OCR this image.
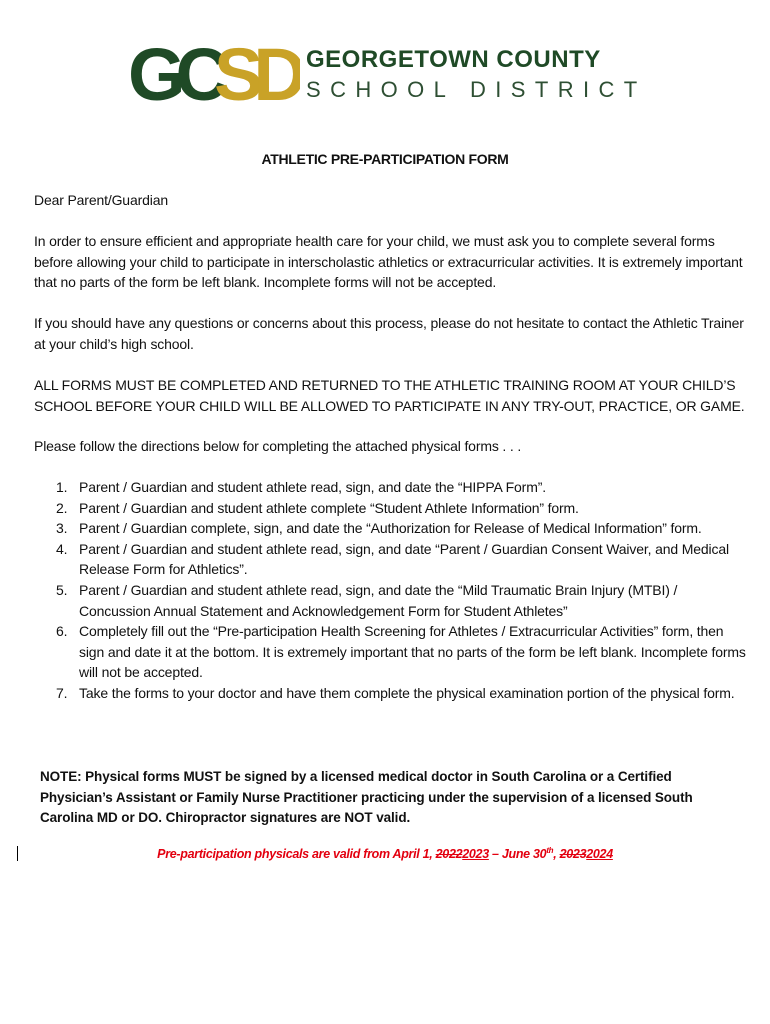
GC
SD GEORGETOWN COUNTY
SCHOOL DISTRICT
ATHLETIC PRE-PARTICIPATION FORM
Dear Parent/Guardian
In order to ensure efficient and appropriate health care for your child, we must ask you to complete several forms before allowing your child to participate in interscholastic athletics or extracurricular activities. It is extremely important that no parts of the form be left blank. Incomplete forms will not be accepted.
If you should have any questions or concerns about this process, please do not hesitate to contact the Athletic Trainer at your child’s high school.
ALL FORMS MUST BE COMPLETED AND RETURNED TO THE ATHLETIC TRAINING ROOM AT YOUR CHILD’S SCHOOL BEFORE YOUR CHILD WILL BE ALLOWED TO PARTICIPATE IN ANY TRY-OUT, PRACTICE, OR GAME.
Please follow the directions below for completing the attached physical forms . . .
1. Parent / Guardian and student athlete read, sign, and date the “HIPPA Form”.
2. Parent / Guardian and student athlete complete “Student Athlete Information” form.
3. Parent / Guardian complete, sign, and date the “Authorization for Release of Medical Information” form.
4. Parent / Guardian and student athlete read, sign, and date “Parent / Guardian Consent Waiver, and Medical Release Form for Athletics”.
5. Parent / Guardian and student athlete read, sign, and date the “Mild Traumatic Brain Injury (MTBI) / Concussion Annual Statement and Acknowledgement Form for Student Athletes”
6. Completely fill out the “Pre-participation Health Screening for Athletes / Extracurricular Activities” form, then sign and date it at the bottom. It is extremely important that no parts of the form be left blank. Incomplete forms will not be accepted.
7. Take the forms to your doctor and have them complete the physical examination portion of the physical form.
NOTE: Physical forms MUST be signed by a licensed medical doctor in South Carolina or a Certified Physician’s Assistant or Family Nurse Practitioner practicing under the supervision of a licensed South Carolina MD or DO. Chiropractor signatures are NOT valid.
Pre-participation physicals are valid from April 1, 20222023 – June 30th, 20232024
